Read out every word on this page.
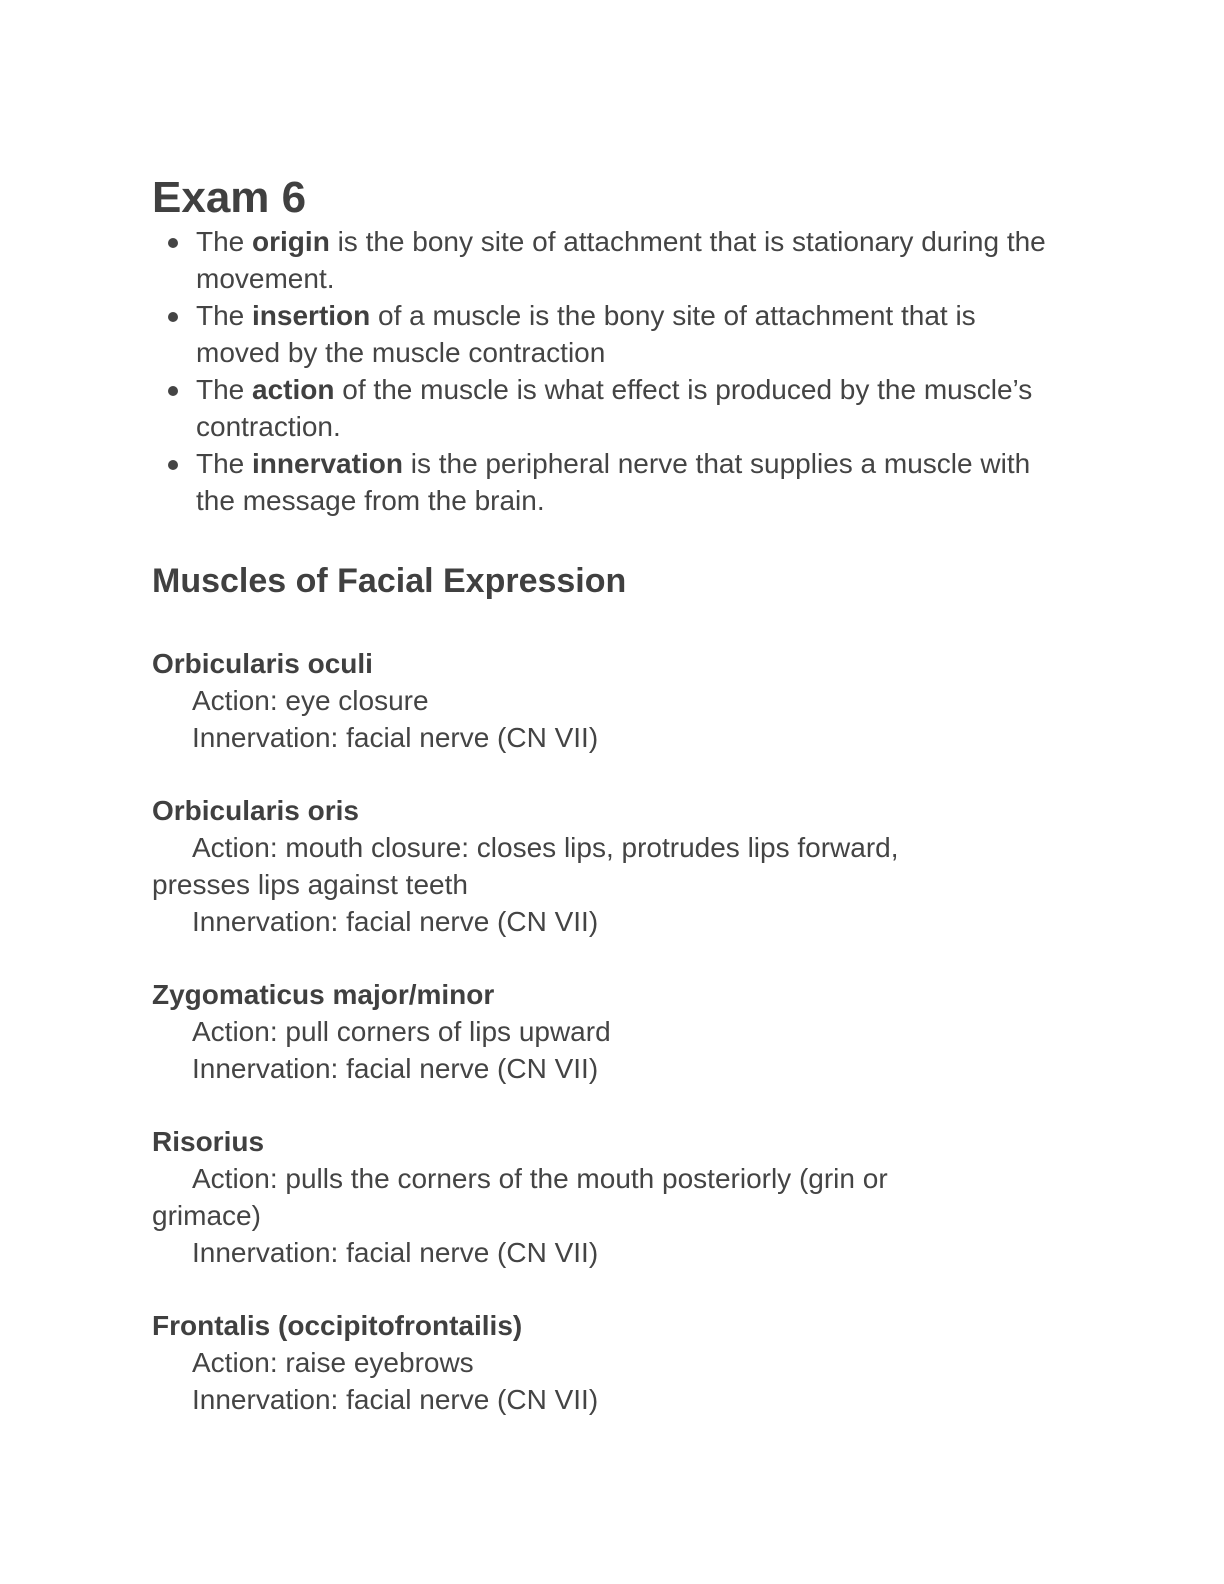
Exam 6
The origin is the bony site of attachment that is stationary during the movement.
The insertion of a muscle is the bony site of attachment that is moved by the muscle contraction
The action of the muscle is what effect is produced by the muscle’s contraction.
The innervation is the peripheral nerve that supplies a muscle with the message from the brain.
Muscles of Facial Expression
Orbicularis oculi
Action: eye closure
Innervation: facial nerve (CN VII)
Orbicularis oris
Action: mouth closure: closes lips, protrudes lips forward, presses lips against teeth
Innervation: facial nerve (CN VII)
Zygomaticus major/minor
Action: pull corners of lips upward
Innervation: facial nerve (CN VII)
Risorius
Action: pulls the corners of the mouth posteriorly (grin or grimace)
Innervation: facial nerve (CN VII)
Frontalis (occipitofrontailis)
Action: raise eyebrows
Innervation: facial nerve (CN VII)
